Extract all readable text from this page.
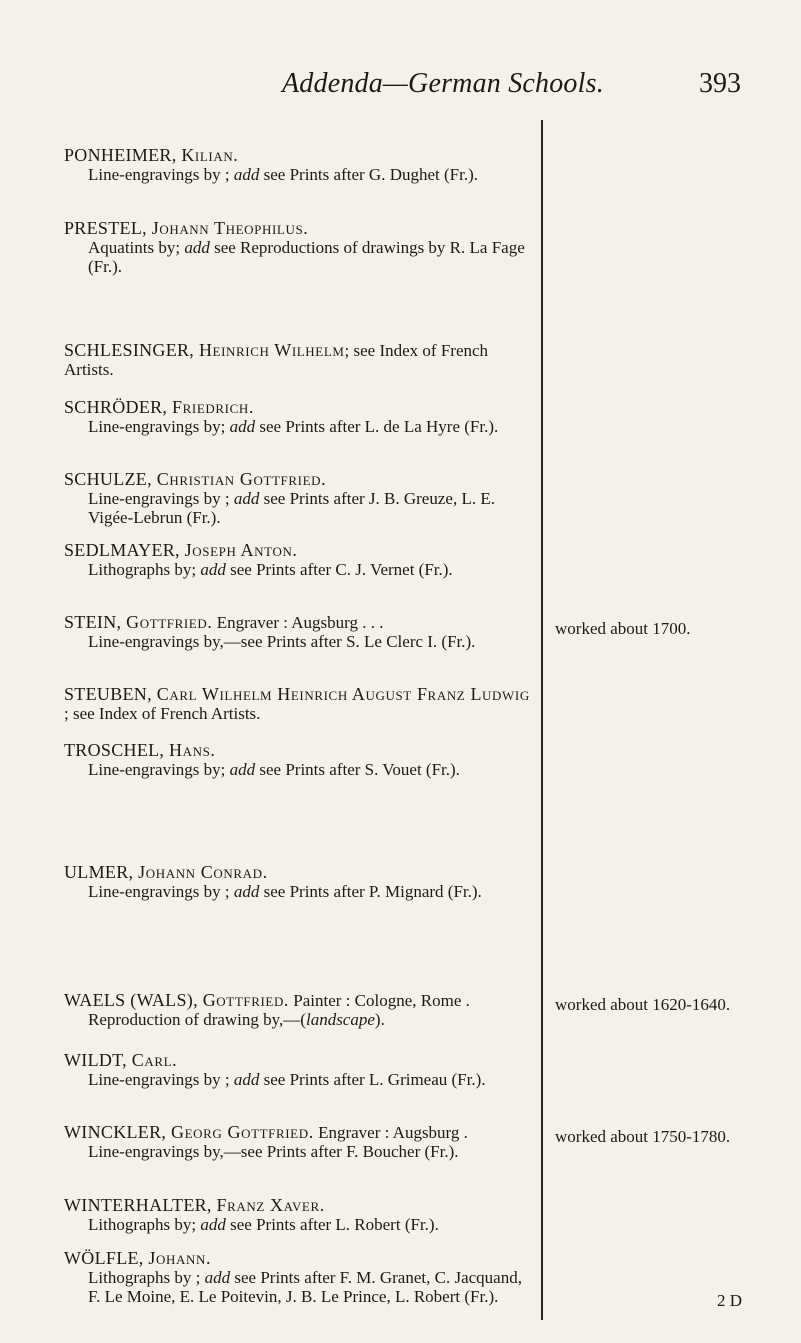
Addenda—German Schools.	393
PONHEIMER, Kilian.
Line-engravings by ; add see Prints after G. Dughet (Fr.).
PRESTEL, Johann Theophilus.
Aquatints by; add see Reproductions of drawings by R. La Fage (Fr.).
SCHLESINGER, Heinrich Wilhelm; see Index of French Artists.
SCHRÖDER, Friedrich.
Line-engravings by; add see Prints after L. de La Hyre (Fr.).
SCHULZE, Christian Gottfried.
Line-engravings by ; add see Prints after J. B. Greuze, L. E. Vigée-Lebrun (Fr.).
SEDLMAYER, Joseph Anton.
Lithographs by; add see Prints after C. J. Vernet (Fr.).
STEIN, Gottfried. Engraver : Augsburg . . .
Line-engravings by,—see Prints after S. Le Clerc I. (Fr.).
worked about 1700.
STEUBEN, Carl Wilhelm Heinrich August Franz Ludwig ; see Index of French Artists.
TROSCHEL, Hans.
Line-engravings by; add see Prints after S. Vouet (Fr.).
ULMER, Johann Conrad.
Line-engravings by ; add see Prints after P. Mignard (Fr.).
WAELS (WALS), Gottfried. Painter : Cologne, Rome .
Reproduction of drawing by,—(landscape).
worked about 1620-1640.
WILDT, Carl.
Line-engravings by ; add see Prints after L. Grimeau (Fr.).
WINCKLER, Georg Gottfried. Engraver : Augsburg .
Line-engravings by,—see Prints after F. Boucher (Fr.).
worked about 1750-1780.
WINTERHALTER, Franz Xaver.
Lithographs by; add see Prints after L. Robert (Fr.).
WÖLFLE, Johann.
Lithographs by ; add see Prints after F. M. Granet, C. Jacquand, F. Le Moine, E. Le Poitevin, J. B. Le Prince, L. Robert (Fr.).	2 D
